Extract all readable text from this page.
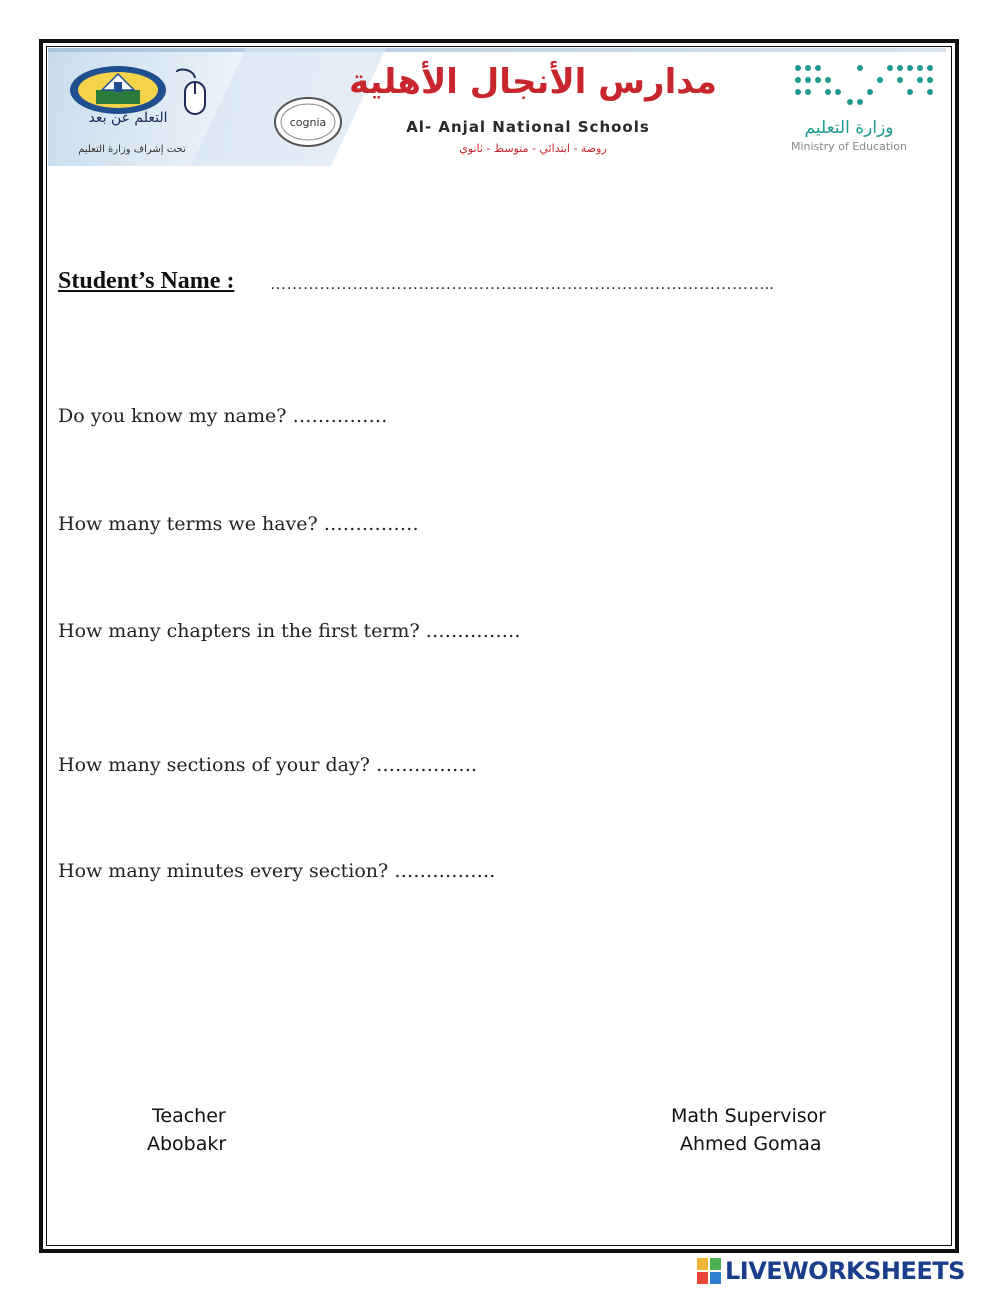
التعلم عن بعد
تحت إشراف وزارة التعليم
cognia
مدارس الأنجال الأهلية
Al- Anjal National Schools
روضة - ابتدائي - متوسط - ثانوي
وزارة التعليم
Ministry of Education
Student’s Name : ………………………………………………………………………………..
Do you know my name? ……………
How many terms we have? ……………
How many chapters in the first term? ……………
How many sections of your day? …………….
How many minutes every section? …………….
Teacher
Abobakr
Math Supervisor
Ahmed Gomaa
LIVEWORKSHEETS
